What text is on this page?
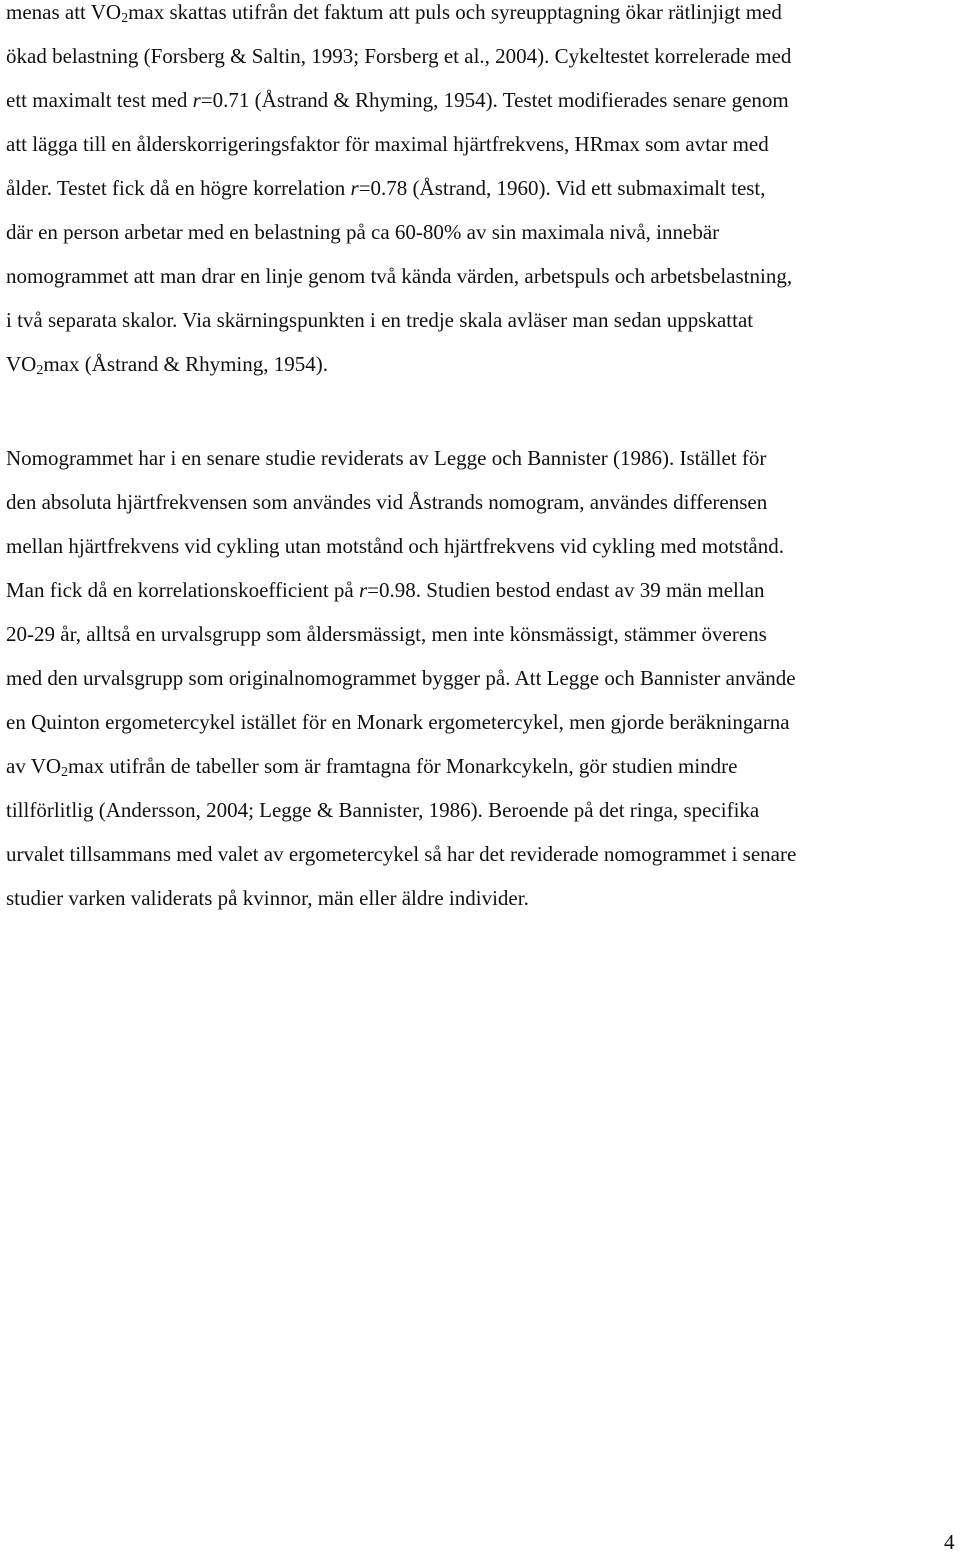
menas att $VO_2\max$ skattas utifrån det faktum att puls och syreupptagning ökar rätlinjigt med
ökad belastning (Forsberg & Saltin, 1993; Forsberg et al., 2004). Cykeltestet korrelerade med
ett maximalt test med r=0.71 (Åstrand & Rhyming, 1954). Testet modifierades senare genom
att lägga till en ålderskorrigeringsfaktor för maximal hjärtfrekvens, HRmax som avtar med
ålder. Testet fick då en högre korrelation r=0.78 (Åstrand, 1960). Vid ett submaximalt test,
där en person arbetar med en belastning på ca 60-80% av sin maximala nivå, innebär
nomogrammet att man drar en linje genom två kända värden, arbetspuls och arbetsbelastning,
i två separata skalor. Via skärningspunkten i en tredje skala avläser man sedan uppskattat
$VO_2\max$ (Åstrand & Rhyming, 1954).
Nomogrammet har i en senare studie reviderats av Legge och Bannister (1986). Istället för
den absoluta hjärtfrekvensen som användes vid Åstrands nomogram, användes differensen
mellan hjärtfrekvens vid cykling utan motstånd och hjärtfrekvens vid cykling med motstånd.
Man fick då en korrelationskoefficient på r=0.98. Studien bestod endast av 39 män mellan
20-29 år, alltså en urvalsgrupp som åldersmässigt, men inte könsmässigt, stämmer överens
med den urvalsgrupp som originalnomogrammet bygger på. Att Legge och Bannister använde
en Quinton ergometercykel istället för en Monark ergometercykel, men gjorde beräkningarna
av $VO_2\max$ utifrån de tabeller som är framtagna för Monarkcykeln, gör studien mindre
tillförlitlig (Andersson, 2004; Legge & Bannister, 1986). Beroende på det ringa, specifika
urvalet tillsammans med valet av ergometercykel så har det reviderade nomogrammet i senare
studier varken validerats på kvinnor, män eller äldre individer.
4
